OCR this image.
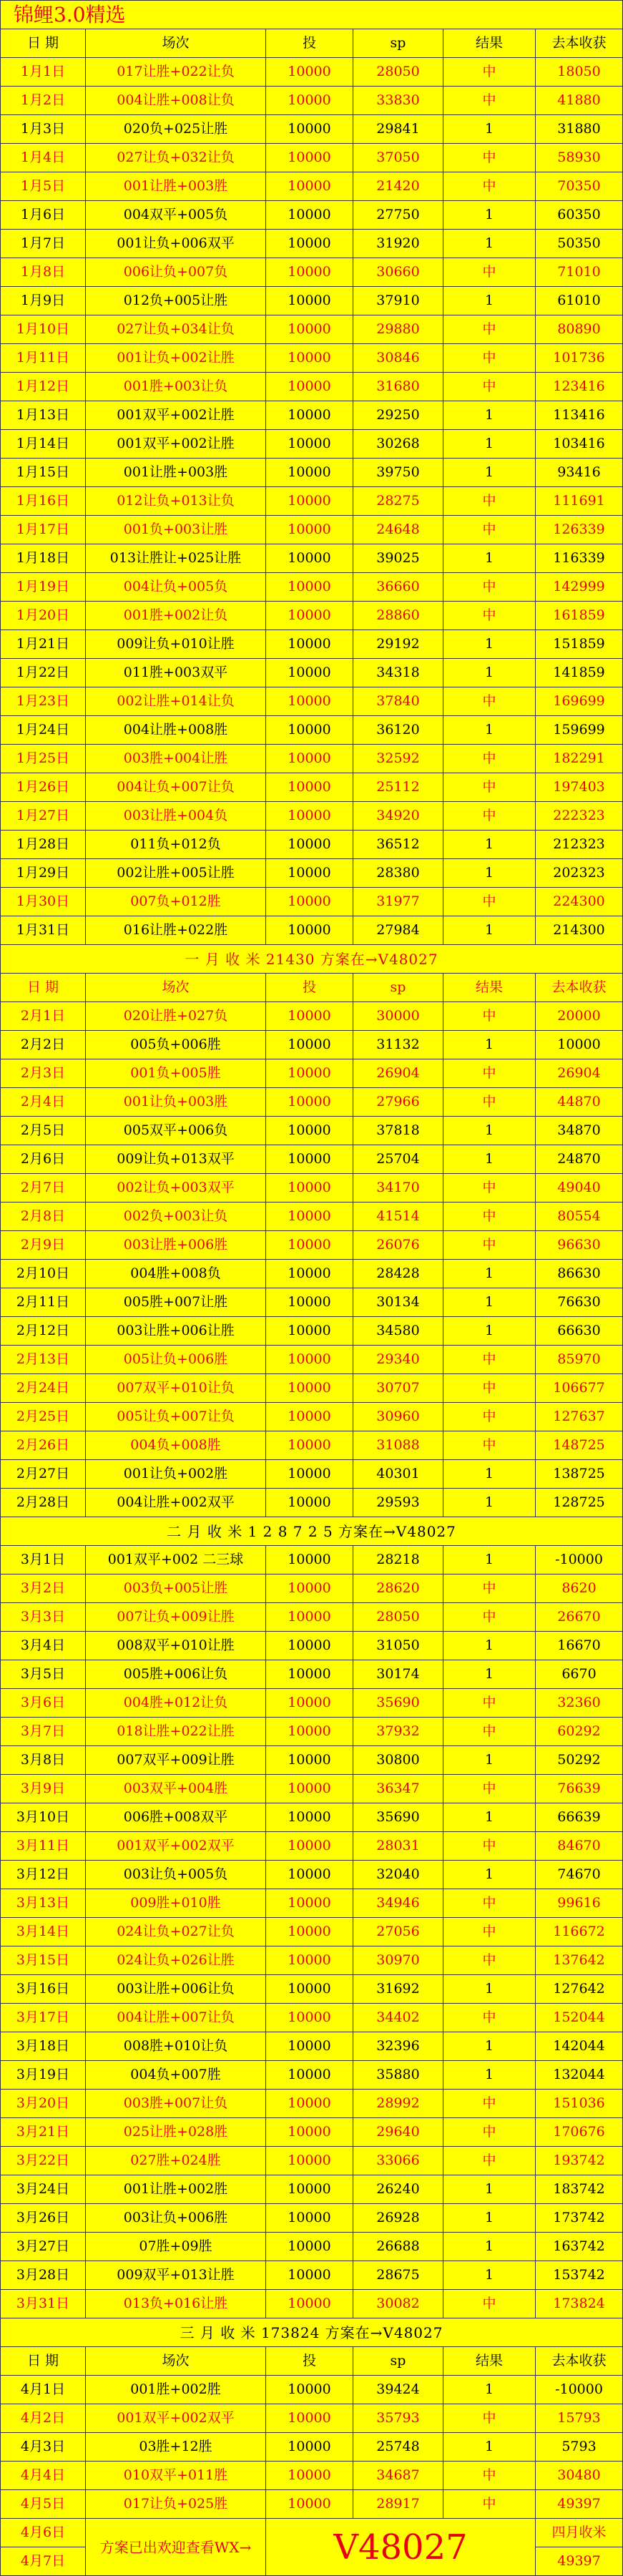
锦鲤3.0精选
日 期	场次	投	sp	结果	去本收获
1月1日	017让胜+022让负	10000	28050	中	18050
1月2日	004让胜+008让负	10000	33830	中	41880
1月3日	020负+025让胜	10000	29841	1	31880
1月4日	027让负+032让负	10000	37050	中	58930
1月5日	001让胜+003胜	10000	21420	中	70350
1月6日	004双平+005负	10000	27750	1	60350
1月7日	001让负+006双平	10000	31920	1	50350
1月8日	006让负+007负	10000	30660	中	71010
1月9日	012负+005让胜	10000	37910	1	61010
1月10日	027让负+034让负	10000	29880	中	80890
1月11日	001让负+002让胜	10000	30846	中	101736
1月12日	001胜+003让负	10000	31680	中	123416
1月13日	001双平+002让胜	10000	29250	1	113416
1月14日	001双平+002让胜	10000	30268	1	103416
1月15日	001让胜+003胜	10000	39750	1	93416
1月16日	012让负+013让负	10000	28275	中	111691
1月17日	001负+003让胜	10000	24648	中	126339
1月18日	013让胜让+025让胜	10000	39025	1	116339
1月19日	004让负+005负	10000	36660	中	142999
1月20日	001胜+002让负	10000	28860	中	161859
1月21日	009让负+010让胜	10000	29192	1	151859
1月22日	011胜+003双平	10000	34318	1	141859
1月23日	002让胜+014让负	10000	37840	中	169699
1月24日	004让胜+008胜	10000	36120	1	159699
1月25日	003胜+004让胜	10000	32592	中	182291
1月26日	004让负+007让负	10000	25112	中	197403
1月27日	003让胜+004负	10000	34920	中	222323
1月28日	011负+012负	10000	36512	1	212323
1月29日	002让胜+005让胜	10000	28380	1	202323
1月30日	007负+012胜	10000	31977	中	224300
1月31日	016让胜+022胜	10000	27984	1	214300
一 月 收 米 21430 方案在→V48027
日 期	场次	投	sp	结果	去本收获
2月1日	020让胜+027负	10000	30000	中	20000
2月2日	005负+006胜	10000	31132	1	10000
2月3日	001负+005胜	10000	26904	中	26904
2月4日	001让负+003胜	10000	27966	中	44870
2月5日	005双平+006负	10000	37818	1	34870
2月6日	009让负+013双平	10000	25704	1	24870
2月7日	002让负+003双平	10000	34170	中	49040
2月8日	002负+003让负	10000	41514	中	80554
2月9日	003让胜+006胜	10000	26076	中	96630
2月10日	004胜+008负	10000	28428	1	86630
2月11日	005胜+007让胜	10000	30134	1	76630
2月12日	003让胜+006让胜	10000	34580	1	66630
2月13日	005让负+006胜	10000	29340	中	85970
2月24日	007双平+010让负	10000	30707	中	106677
2月25日	005让负+007让负	10000	30960	中	127637
2月26日	004负+008胜	10000	31088	中	148725
2月27日	001让负+002胜	10000	40301	1	138725
2月28日	004让胜+002双平	10000	29593	1	128725
二 月 收 米 1 2 8 7 2 5 方案在→V48027
3月1日	001双平+002 二三球	10000	28218	1	-10000
3月2日	003负+005让胜	10000	28620	中	8620
3月3日	007让负+009让胜	10000	28050	中	26670
3月4日	008双平+010让胜	10000	31050	1	16670
3月5日	005胜+006让负	10000	30174	1	6670
3月6日	004胜+012让负	10000	35690	中	32360
3月7日	018让胜+022让胜	10000	37932	中	60292
3月8日	007双平+009让胜	10000	30800	1	50292
3月9日	003双平+004胜	10000	36347	中	76639
3月10日	006胜+008双平	10000	35690	1	66639
3月11日	001双平+002双平	10000	28031	中	84670
3月12日	003让负+005负	10000	32040	1	74670
3月13日	009胜+010胜	10000	34946	中	99616
3月14日	024让负+027让负	10000	27056	中	116672
3月15日	024让负+026让胜	10000	30970	中	137642
3月16日	003让胜+006让负	10000	31692	1	127642
3月17日	004让胜+007让负	10000	34402	中	152044
3月18日	008胜+010让负	10000	32396	1	142044
3月19日	004负+007胜	10000	35880	1	132044
3月20日	003胜+007让负	10000	28992	中	151036
3月21日	025让胜+028胜	10000	29640	中	170676
3月22日	027胜+024胜	10000	33066	中	193742
3月24日	001让胜+002胜	10000	26240	1	183742
3月26日	003让负+006胜	10000	26928	1	173742
3月27日	07胜+09胜	10000	26688	1	163742
3月28日	009双平+013让胜	10000	28675	1	153742
3月31日	013负+016让胜	10000	30082	中	173824
三 月 收 米 173824 方案在→V48027
日 期	场次	投	sp	结果	去本收获
4月1日	001胜+002胜	10000	39424	1	-10000
4月2日	001双平+002双平	10000	35793	中	15793
4月3日	03胜+12胜	10000	25748	1	5793
4月4日	010双平+011胜	10000	34687	中	30480
4月5日	017让负+025胜	10000	28917	中	49397
4月6日
4月7日
方案已出欢迎查看WX→	V48027	四月收米
49397
